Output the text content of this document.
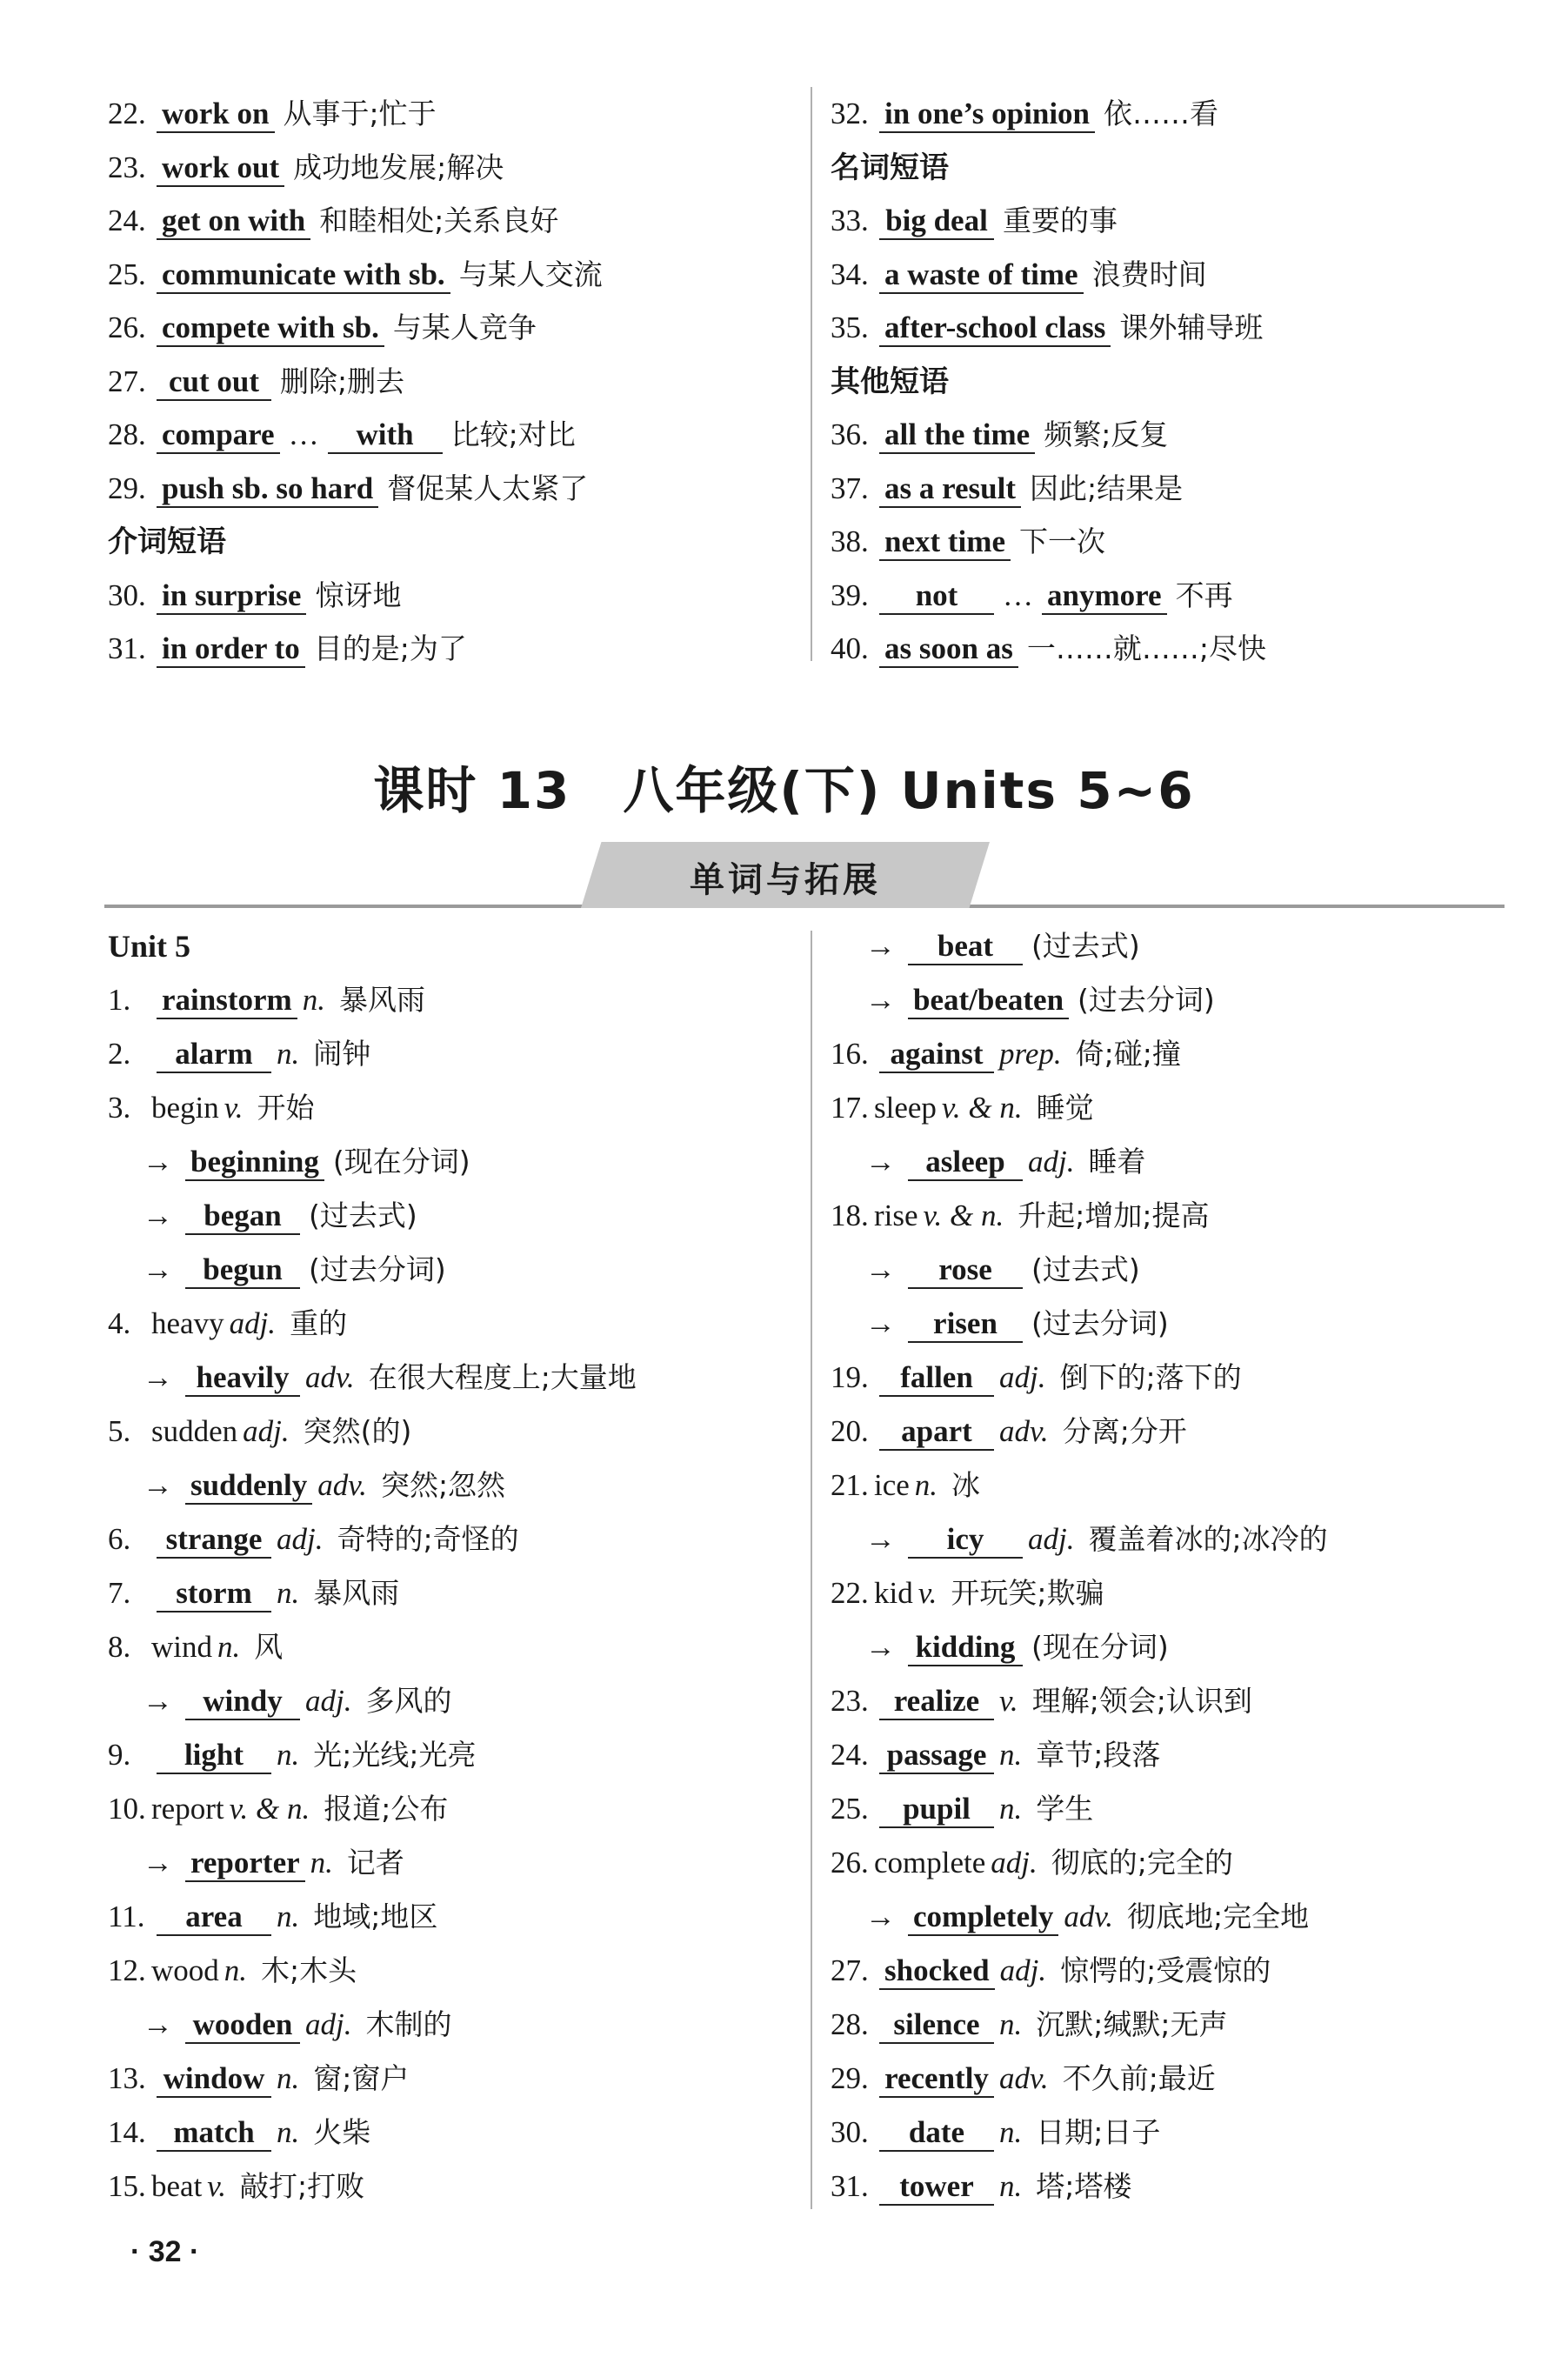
22. work on 从事于;忙于
23. work out 成功地发展;解决
24. get on with 和睦相处;关系良好
25. communicate with sb. 与某人交流
26. compete with sb. 与某人竞争
27. cut out 删除;删去
28. compare … with 比较;对比
29. push sb. so hard 督促某人太紧了
介词短语
30. in surprise 惊讶地
31. in order to 目的是;为了
32. in one’s opinion 依……看
名词短语
33. big deal 重要的事
34. a waste of time 浪费时间
35. after-school class 课外辅导班
其他短语
36. all the time 频繁;反复
37. as a result 因此;结果是
38. next time 下一次
39. not … anymore 不再
40. as soon as 一……就……;尽快
课时 13　八年级(下) Units 5~6
单词与拓展
Unit 5
1. rainstorm n. 暴风雨
2. alarm n. 闹钟
3. begin v. 开始
→ beginning (现在分词)
→ began (过去式)
→ begun (过去分词)
4. heavy adj. 重的
→ heavily adv. 在很大程度上;大量地
5. sudden adj. 突然(的)
→ suddenly adv. 突然;忽然
6. strange adj. 奇特的;奇怪的
7. storm n. 暴风雨
8. wind n. 风
→ windy adj. 多风的
9. light n. 光;光线;光亮
10. report v. & n. 报道;公布
→ reporter n. 记者
11. area n. 地域;地区
12. wood n. 木;木头
→ wooden adj. 木制的
13. window n. 窗;窗户
14. match n. 火柴
15. beat v. 敲打;打败
→ beat (过去式)
→ beat/beaten (过去分词)
16. against prep. 倚;碰;撞
17. sleep v. & n. 睡觉
→ asleep adj. 睡着
18. rise v. & n. 升起;增加;提高
→ rose (过去式)
→ risen (过去分词)
19. fallen adj. 倒下的;落下的
20. apart adv. 分离;分开
21. ice n. 冰
→ icy adj. 覆盖着冰的;冰冷的
22. kid v. 开玩笑;欺骗
→ kidding (现在分词)
23. realize v. 理解;领会;认识到
24. passage n. 章节;段落
25. pupil n. 学生
26. complete adj. 彻底的;完全的
→ completely adv. 彻底地;完全地
27. shocked adj. 惊愕的;受震惊的
28. silence n. 沉默;缄默;无声
29. recently adv. 不久前;最近
30. date n. 日期;日子
31. tower n. 塔;塔楼
· 32 ·
